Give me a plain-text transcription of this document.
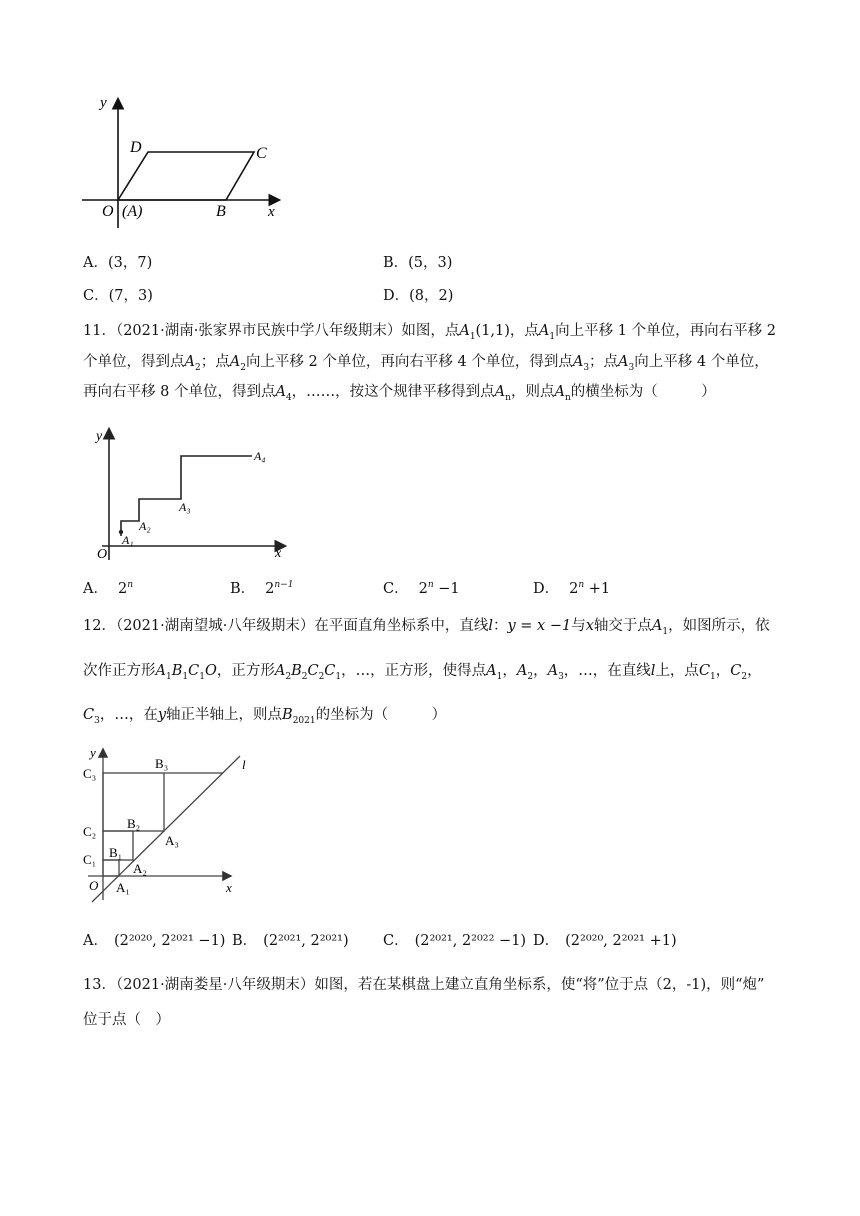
y
x
D	C
O (A)	B
A．(3，7)	B．(5，3)
C．(7，3)	D．(8，2)
11．（2021·湖南·张家界市民族中学八年级期末）如图，点$A_1(1,1)$，点$A_1$向上平移 1 个单位，再向右平移 2
个单位，得到点$A_2$；点$A_2$向上平移 2 个单位，再向右平移 4 个单位，得到点$A_3$；点$A_3$向上平移 4 个单位，
再向右平移 8 个单位，得到点$A_4$，……，按这个规律平移得到点$A_n$，则点$A_n$的横坐标为（　　　）
y
x
O
A₁
A₂
A₃
A₄
A． 2$^n$	B． $2^{n-1}$	C． $2^n -1$	D． $2^n +1$
12．（2021·湖南望城·八年级期末）在平面直角坐标系中，直线l：y = x −1与x轴交于点$A_1$，如图所示，依
次作正方形$A_1B_1C_1O$，正方形$A_2B_2C_2C_1$，…，正方形，使得点$A_1$，$A_2$，$A_3$，…，在直线l上，点$C_1$，$C_2$，
$C_3$，…，在y轴正半轴上，则点$B_{2021}$的坐标为（　　　）
y
x
l
O
C₃
C₂
C₁
B₃
B₂
B₁
A₃
A₂
A₁
A． (2²⁰²⁰, 2²⁰²¹ −1) B． (2²⁰²¹, 2²⁰²¹) C． (2²⁰²¹, 2²⁰²² −1) D． (2²⁰²⁰, 2²⁰²¹ +1)
13．（2021·湖南娄星·八年级期末）如图，若在某棋盘上建立直角坐标系，使“将”位于点（2，-1)，则“炮”
位于点（　）
